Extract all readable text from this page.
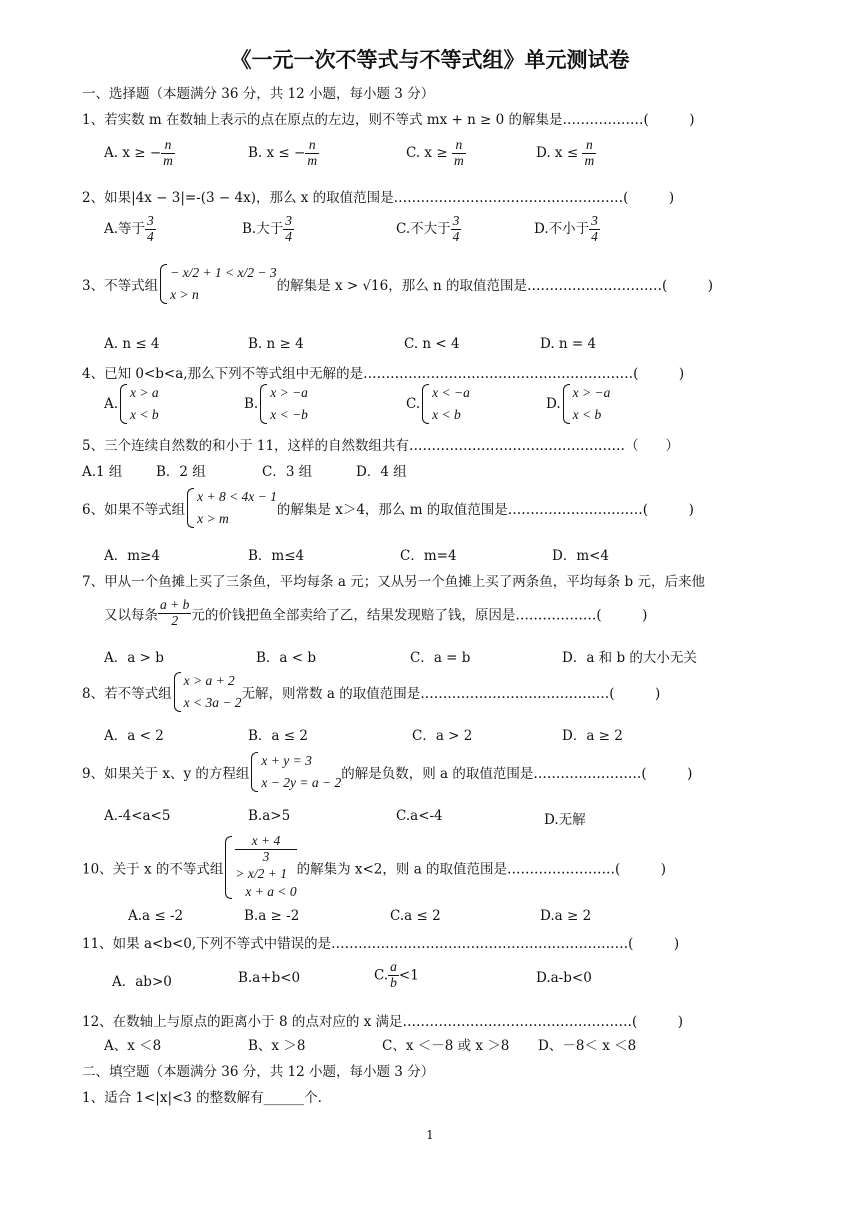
《一元一次不等式与不等式组》单元测试卷
一、选择题（本题满分 36 分，共 12 小题，每小题 3 分）
1、若实数 m 在数轴上表示的点在原点的左边，则不等式 mx + n ≥ 0 的解集是………………(　　　)
A. x ≥ − $\frac{n}{m}$	B. x ≤ − $\frac{n}{m}$	C. $x \ge \frac{n}{m}$	D. $x \le \frac{n}{m}$
2、如果|4x − 3|=-(3 − 4x)，那么 x 的取值范围是……………………………………………(　　　)
A.等于 $\frac{3}{4}$	B.大于 $\frac{3}{4}$	C.不大于 $\frac{3}{4}$	D.不小于 $\frac{3}{4}$
3、不等式组
− x/2 + 1 < x/2 − 3
x > n
的解集是 x > √16，那么 n 的取值范围是…………………………(　　　)
A. n ≤ 4	B. n ≥ 4	C. n < 4	D. n = 4
4、已知 0<b<a,那么下列不等式组中无解的是……………………………………………………(　　　)
A.
x > a
x < b
B.
x > −a
x < −b
C.
x < −a
x < b
D.
x > −a
x < b
5、三个连续自然数的和小于 11，这样的自然数组共有…………………………………………（　　）
A.1 组 B．2 组	C．3 组	D．4 组
6、如果不等式组
x + 8 < 4x − 1
x > m
的解集是 x＞4，那么 m 的取值范围是…………………………(　　　)
A．m≥4	B．m≤4	C．m=4	D．m<4
7、甲从一个鱼摊上买了三条鱼，平均每条 a 元；又从另一个鱼摊上买了两条鱼，平均每条 b 元，后来他
又以每条 $\frac{a + b}{2}$ 元的价钱把鱼全部卖给了乙，结果发现赔了钱，原因是………………(　　　)
A．a > b	B．a < b	C．a = b	D．a 和 b 的大小无关
8、若不等式组
x > a + 2
x < 3a − 2
无解，则常数 a 的取值范围是……………………………………(　　　)
A．a < 2	B．a ≤ 2	C．a > 2	D．a ≥ 2
9、如果关于 x、y 的方程组
x + y = 3
x − 2y = a − 2
的解是负数，则 a 的取值范围是……………………(　　　)
A.-4<a<5	B.a>5	C.a<-4	D.无解
10、关于 x 的不等式组
x + 4
3
> x/2 + 1
x + a < 0
的解集为 x<2，则 a 的取值范围是……………………(　　　)
A.a ≤ -2	B.a ≥ -2	C.a ≤ 2	D.a ≥ 2
11、如果 a<b<0,下列不等式中错误的是…………………………………………………………(　　　)
A．ab>0	B.a+b<0	C. $\frac{a}{b} <1$	D.a-b<0
12、在数轴上与原点的距离小于 8 的点对应的 x 满足……………………………………………(　　　)
A、x ＜8	B、x ＞8	C、x ＜－8 或 x ＞8 D、－8＜ x ＜8
二、填空题（本题满分 36 分，共 12 小题，每小题 3 分）
1、适合 1<|x|<3 的整数解有______个.
1
